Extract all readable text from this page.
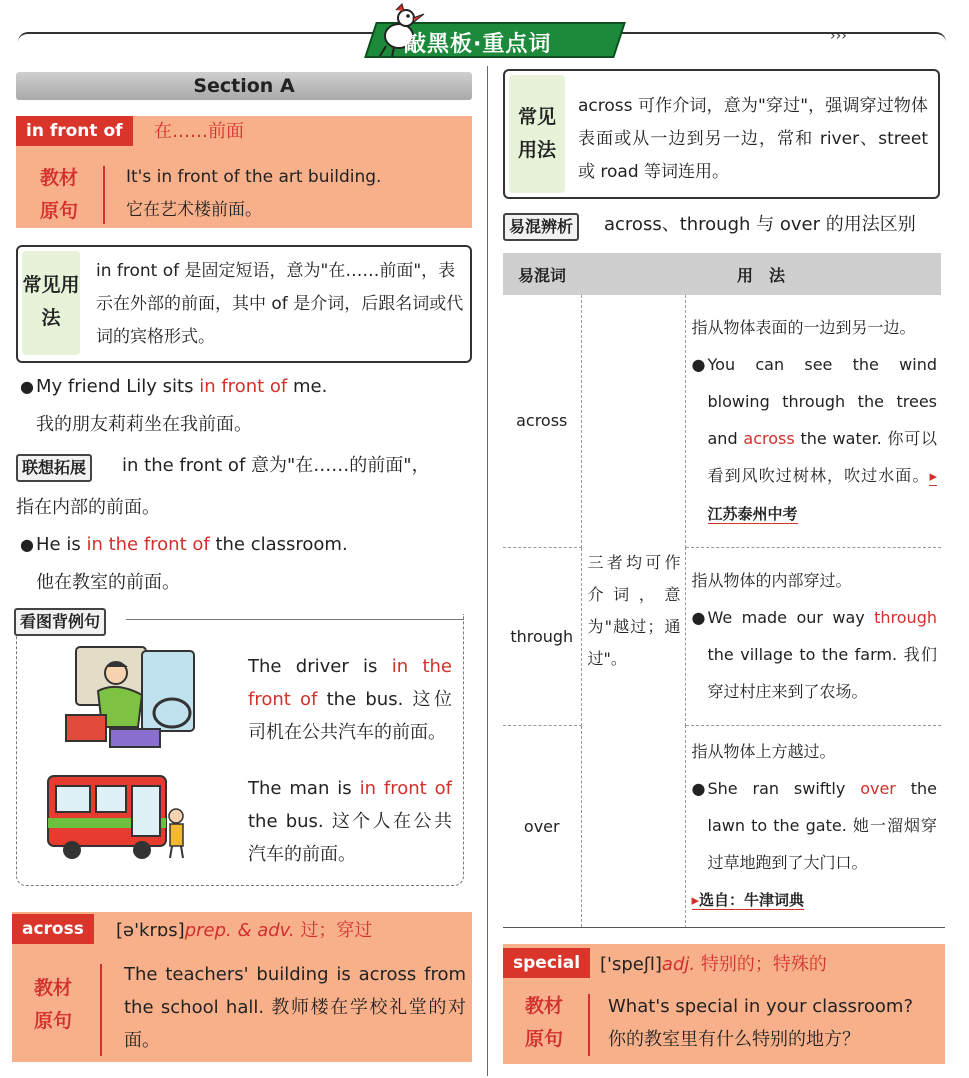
敲黑板·重点词	›››
Section A
in front of	在……前面
教材原句
It's in front of the art building.
它在艺术楼前面。
常见用法
in front of 是固定短语，意为"在……前面"，表示在外部的前面，其中 of 是介词，后跟名词或代词的宾格形式。
● My friend Lily sits in front of me.
我的朋友莉莉坐在我前面。
联想拓展	in the front of 意为"在……的前面"，
指在内部的前面。
● He is in the front of the classroom.
他在教室的前面。
看图背例句
The driver is in the front of the bus. 这位司机在公共汽车的前面。
The man is in front of the bus. 这个人在公共汽车的前面。
across	[ə'krɒs]prep. & adv. 过；穿过
教材原句
The teachers' building is across from the school hall. 教师楼在学校礼堂的对面。
常见用法
across 可作介词，意为"穿过"，强调穿过物体表面或从一边到另一边，常和 river、street 或 road 等词连用。
易混辨析	across、through 与 over 的用法区别
易混词	用　法	
across	三者均可作介词，意为"越过；通过"。	指从物体表面的一边到另一边。
● You can see the wind blowing through the trees and across the water. 你可以看到风吹过树林，吹过水面。▸江苏泰州中考

through		指从物体的内部穿过。
● We made our way through the village to the farm. 我们穿过村庄来到了农场。

over		指从物体上方越过。
● She ran swiftly over the lawn to the gate. 她一溜烟穿过草地跑到了大门口。
▸选自：牛津词典
special	['speʃl]adj. 特别的；特殊的
教材原句
What's special in your classroom?
你的教室里有什么特别的地方？
